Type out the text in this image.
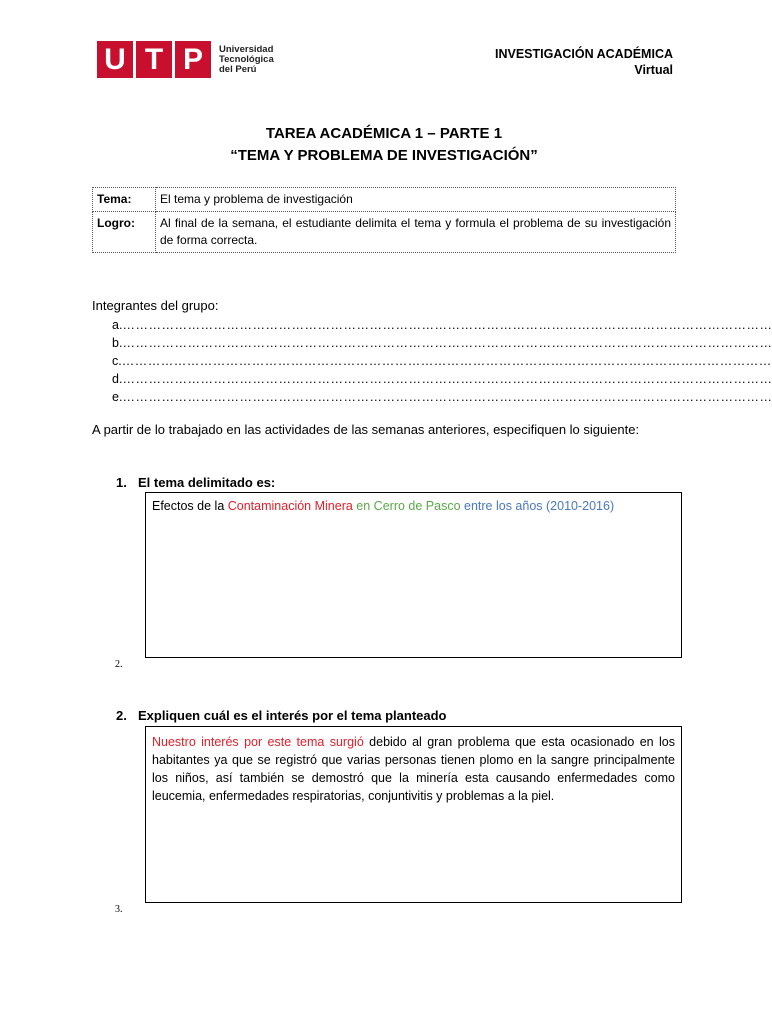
U T P	Universidad
Tecnológica
del Perú
INVESTIGACIÓN ACADÉMICA
Virtual
TAREA ACADÉMICA 1 – PARTE 1
“TEMA Y PROBLEMA DE INVESTIGACIÓN”
Tema:	El tema y problema de investigación
Logro:	Al final de la semana, el estudiante delimita el tema y formula el problema de su investigación de forma correcta.
Integrantes del grupo:
a. ……………………………………………………………………………………………………………………………………
b. ……………………………………………………………………………………………………………………………………
c. ……………………………………………………………………………………………………………………………………
d. ……………………………………………………………………………………………………………………………………
e. ……………………………………………………………………………………………………………………………………
A partir de lo trabajado en las actividades de las semanas anteriores, especifiquen lo siguiente:
1. El tema delimitado es:
Efectos de la Contaminación Minera en Cerro de Pasco entre los años (2010-2016)
2.
2. Expliquen cuál es el interés por el tema planteado
Nuestro interés por este tema surgió debido al gran problema que esta ocasionado en los habitantes ya que se registró que varias personas tienen plomo en la sangre principalmente los niños, así también se demostró que la minería esta causando enfermedades como leucemia, enfermedades respiratorias, conjuntivitis y problemas a la piel.
3.
